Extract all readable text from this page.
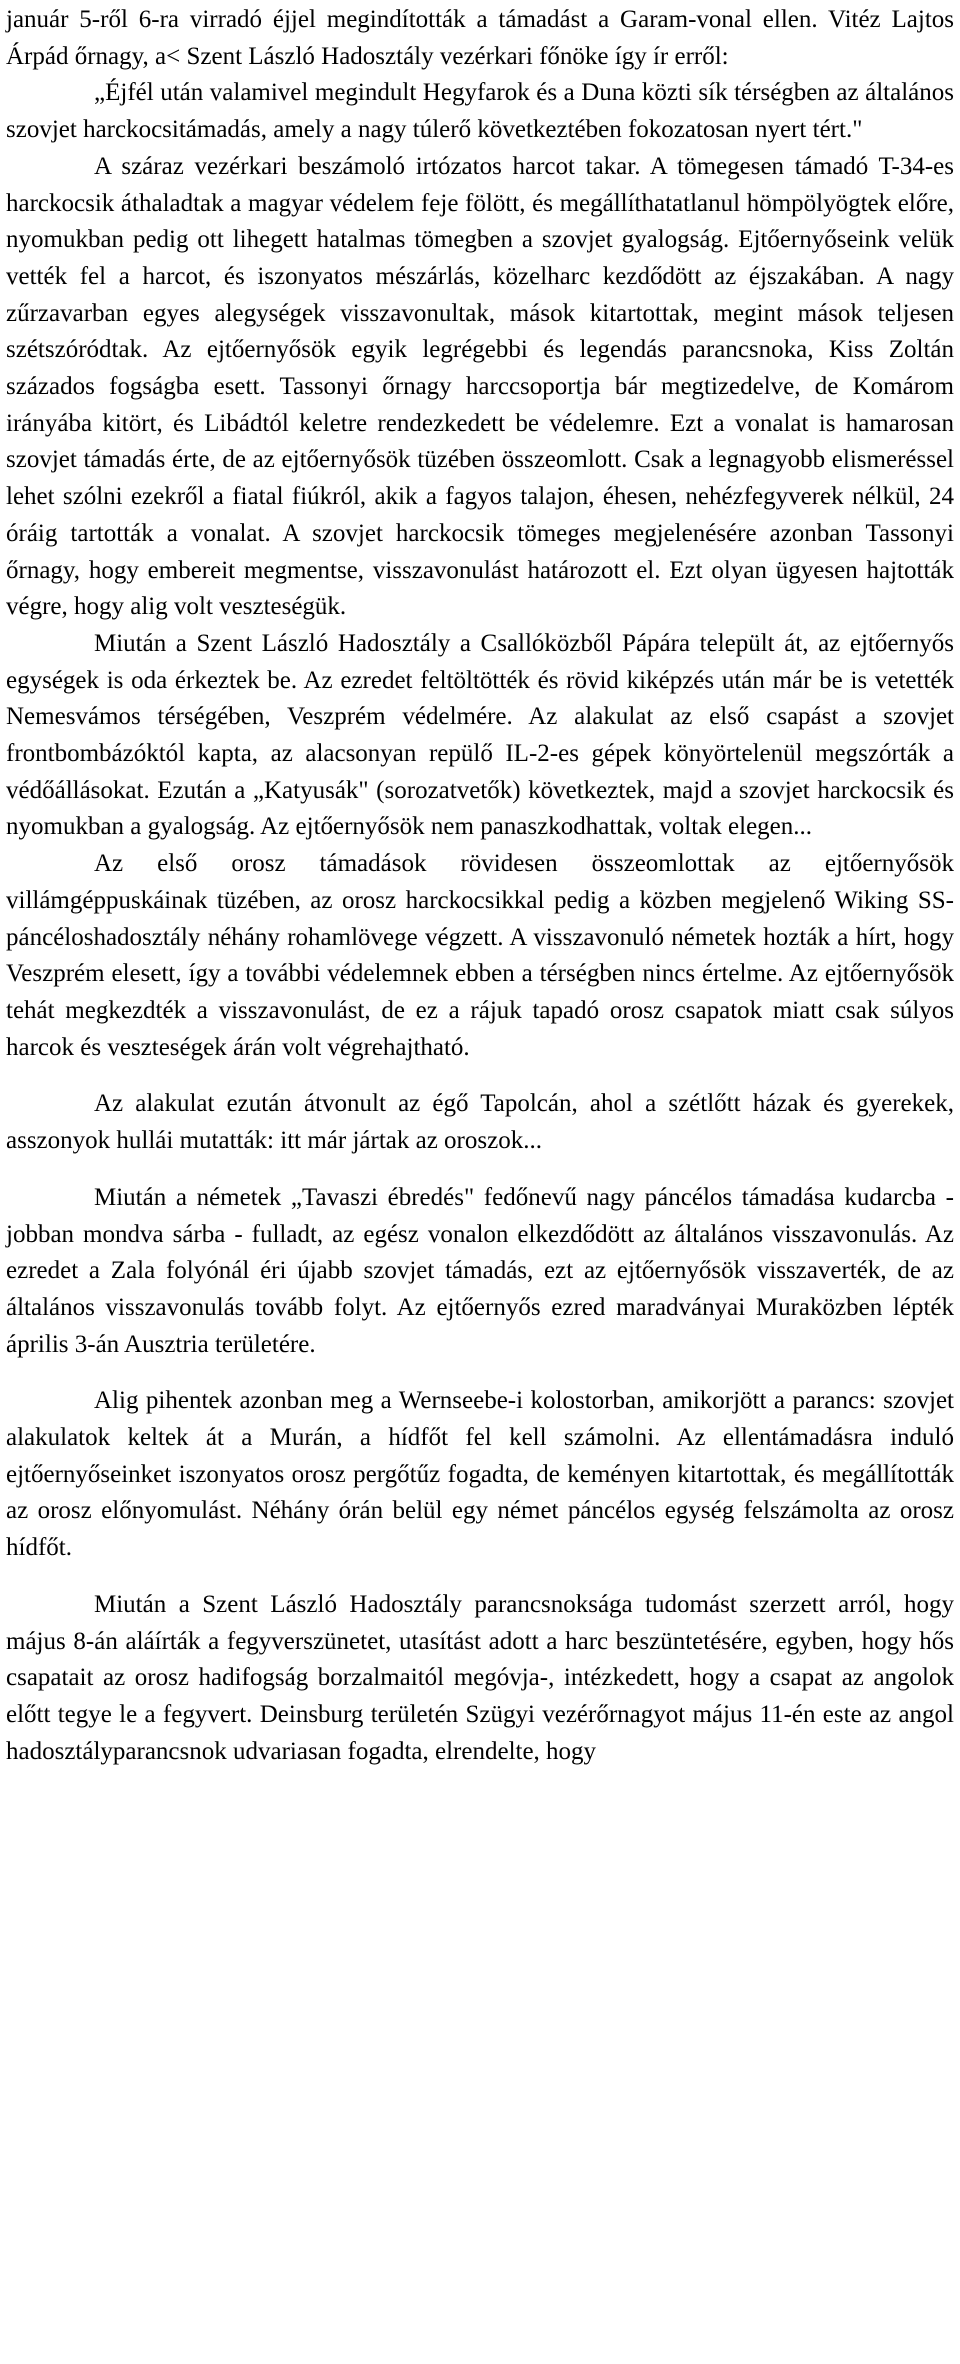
január 5-ről 6-ra virradó éjjel megindították a támadást a Garam-vonal ellen. Vitéz Lajtos Árpád őrnagy, a< Szent László Hadosztály vezérkari főnöke így ír erről:

„Éjfél után valamivel megindult Hegyfarok és a Duna közti sík térségben az általános szovjet harckocsitámadás, amely a nagy túlerő következtében fokozatosan nyert tért."

A száraz vezérkari beszámoló irtózatos harcot takar. A tömegesen támadó T-34-es harckocsik áthaladtak a magyar védelem feje fölött, és megállíthatatlanul hömpölyögtek előre, nyomukban pedig ott lihegett hatalmas tömegben a szovjet gyalogság. Ejtőernyőseink velük vették fel a harcot, és iszonyatos mészárlás, közelharc kezdődött az éjszakában. A nagy zűrzavarban egyes alegységek visszavonultak, mások kitartottak, megint mások teljesen szétszóródtak. Az ejtőernyősök egyik legrégebbi és legendás parancsnoka, Kiss Zoltán százados fogságba esett. Tassonyi őrnagy harccsoportja bár megtizedelve, de Komárom irányába kitört, és Libádtól keletre rendezkedett be védelemre. Ezt a vonalat is hamarosan szovjet támadás érte, de az ejtőernyősök tüzében összeomlott. Csak a legnagyobb elismeréssel lehet szólni ezekről a fiatal fiúkról, akik a fagyos talajon, éhesen, nehézfegyverek nélkül, 24 óráig tartották a vonalat. A szovjet harckocsik tömeges megjelenésére azonban Tassonyi őrnagy, hogy embereit megmentse, visszavonulást határozott el. Ezt olyan ügyesen hajtották végre, hogy alig volt veszteségük.

Miután a Szent László Hadosztály a Csallóközből Pápára települt át, az ejtőernyős egységek is oda érkeztek be. Az ezredet feltöltötték és rövid kiképzés után már be is vetették Nemesvámos térségében, Veszprém védelmére. Az alakulat az első csapást a szovjet frontbombázóktól kapta, az alacsonyan repülő IL-2-es gépek könyörtelenül megszórták a védőállásokat. Ezután a „Katyusák" (sorozatvetők) következtek, majd a szovjet harckocsik és nyomukban a gyalogság. Az ejtőernyősök nem panaszkodhattak, voltak elegen...

Az első orosz támadások rövidesen összeomlottak az ejtőernyősök villámgéppuskáinak tüzében, az orosz harckocsikkal pedig a közben megjelenő Wiking SS-páncéloshadosztály néhány rohamlövege végzett. A visszavonuló németek hozták a hírt, hogy Veszprém elesett, így a további védelemnek ebben a térségben nincs értelme. Az ejtőernyősök tehát megkezdték a visszavonulást, de ez a rájuk tapadó orosz csapatok miatt csak súlyos harcok és veszteségek árán volt végrehajtható.

Az alakulat ezután átvonult az égő Tapolcán, ahol a szétlőtt házak és gyerekek, asszonyok hullái mutatták: itt már jártak az oroszok...

Miután a németek „Tavaszi ébredés" fedőnevű nagy páncélos támadása kudarcba - jobban mondva sárba - fulladt, az egész vonalon elkezdődött az általános visszavonulás. Az ezredet a Zala folyónál éri újabb szovjet támadás, ezt az ejtőernyősök visszaverték, de az általános visszavonulás tovább folyt. Az ejtőernyős ezred maradványai Muraközben lépték április 3-án Ausztria területére.

Alig pihentek azonban meg a Wernseebe-i kolostorban, amikorjött a parancs: szovjet alakulatok keltek át a Murán, a hídfőt fel kell számolni. Az ellentámadásra induló ejtőernyőseinket iszonyatos orosz pergőtűz fogadta, de keményen kitartottak, és megállították az orosz előnyomulást. Néhány órán belül egy német páncélos egység felszámolta az orosz hídfőt.

Miután a Szent László Hadosztály parancsnoksága tudomást szerzett arról, hogy május 8-án aláírták a fegyverszünetet, utasítást adott a harc beszüntetésére, egyben, hogy hős csapatait az orosz hadifogság borzalmaitól megóvja-, intézkedett, hogy a csapat az angolok előtt tegye le a fegyvert. Deinsburg területén Szügyi vezérőrnagyot május 11-én este az angol hadosztályparancsnok udvariasan fogadta, elrendelte, hogy
